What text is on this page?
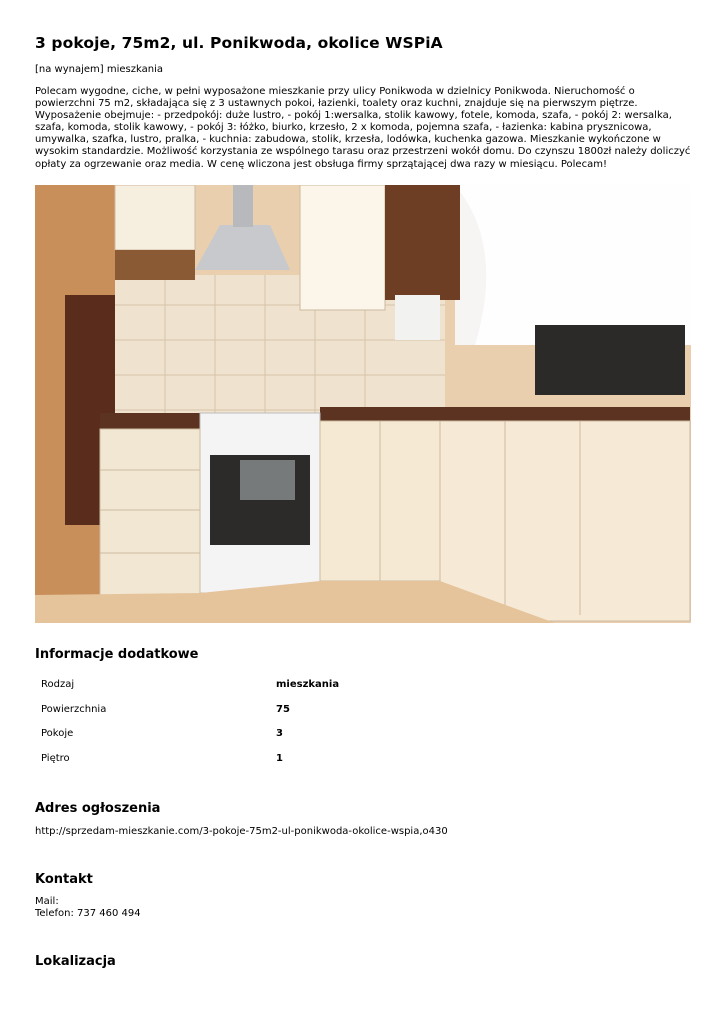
3 pokoje, 75m2, ul. Ponikwoda, okolice WSPiA
[na wynajem] mieszkania

Polecam wygodne, ciche, w pełni wyposażone mieszkanie przy ulicy Ponikwoda w dzielnicy Ponikwoda. Nieruchomość o powierzchni 75 m2, składająca się z 3 ustawnych pokoi, łazienki, toalety oraz kuchni, znajduje się na pierwszym piętrze. Wyposażenie obejmuje: - przedpokój: duże lustro, - pokój 1:wersalka, stolik kawowy, fotele, komoda, szafa, - pokój 2: wersalka, szafa, komoda, stolik kawowy, - pokój 3: łóżko, biurko, krzesło, 2 x komoda, pojemna szafa, - łazienka: kabina prysznicowa, umywalka, szafka, lustro, pralka, - kuchnia: zabudowa, stolik, krzesła, lodówka, kuchenka gazowa. Mieszkanie wykończone w wysokim standardzie. Możliwość korzystania ze wspólnego tarasu oraz przestrzeni wokół domu. Do czynszu 1800zł należy doliczyć opłaty za ogrzewanie oraz media. W cenę wliczona jest obsługa firmy sprzątającej dwa razy w miesiącu. Polecam!

Informacje dodatkowe
Rodzaj	mieszkania
Powierzchnia	75
Pokoje	3
Piętro	1
Adres ogłoszenia
http://sprzedam-mieszkanie.com/3-pokoje-75m2-ul-ponikwoda-okolice-wspia,o430
Kontakt
Mail:
Telefon: 737 460 494
Lokalizacja
